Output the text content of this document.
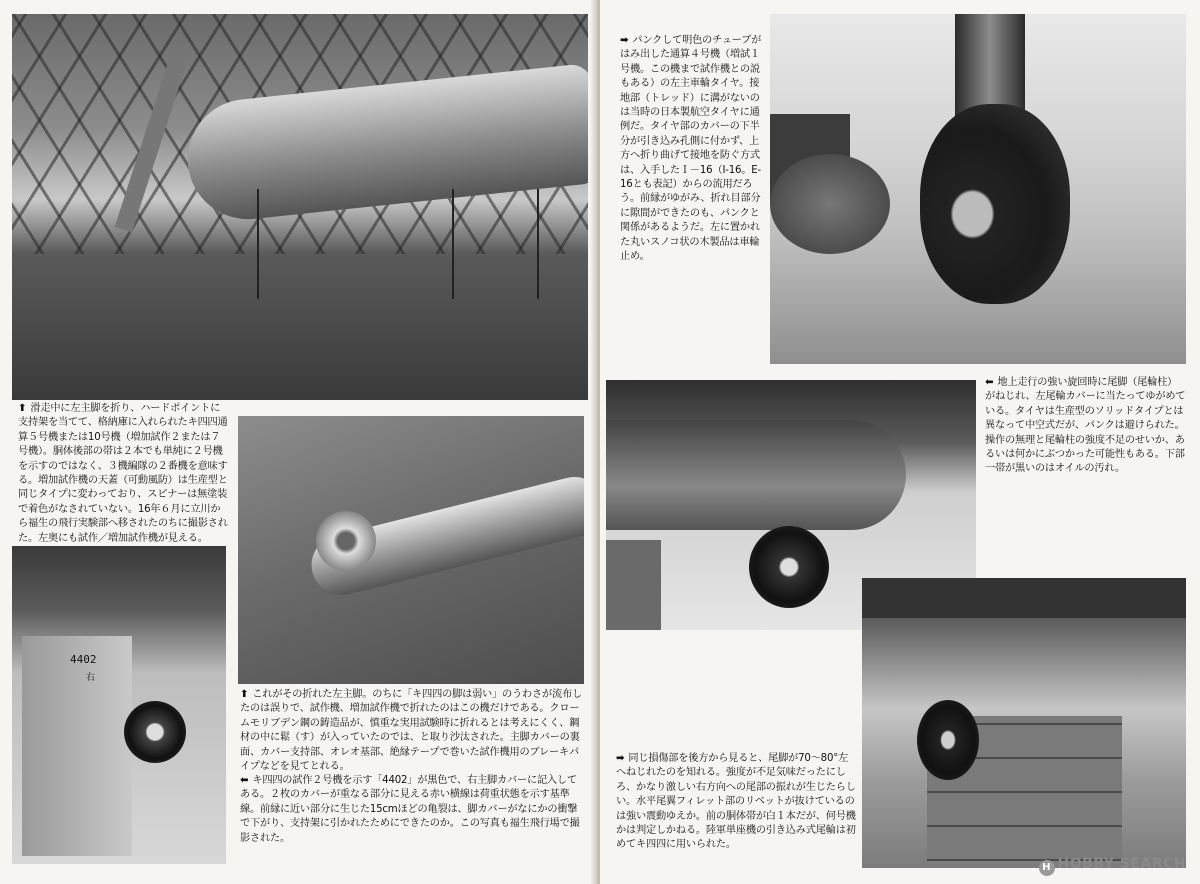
⬆ 滑走中に左主脚を折り、ハードポイントに支持架を当てて、格納庫に入れられたキ四四通算５号機または10号機（増加試作２または７号機）。胴体後部の帯は２本でも単純に２号機を示すのではなく、３機編隊の２番機を意味する。増加試作機の天蓋（可動風防）は生産型と同じタイプに変わっており、スピナーは無塗装で着色がなされていない。16年６月に立川から福生の飛行実験部へ移されたのちに撮影された。左奥にも試作／増加試作機が見える。
4402
右
⬆ これがその折れた左主脚。のちに「キ四四の脚は弱い」のうわさが流布したのは誤りで、試作機、増加試作機で折れたのはこの機だけである。クロームモリブデン鋼の鋳造品が、慎重な実用試験時に折れるとは考えにくく、鋼材の中に鬆（す）が入っていたのでは、と取り沙汰された。主脚カバーの裏面、カバー支持部、オレオ基部、絶縁テープで巻いた試作機用のブレーキパイプなどを見てとれる。
⬅ キ四四の試作２号機を示す「4402」が黒色で、右主脚カバーに記入してある。２枚のカバーが重なる部分に見える赤い横線は荷重状態を示す基準線。前縁に近い部分に生じた15cmほどの亀裂は、脚カバーがなにかの衝撃で下がり、支持架に引かれたためにできたのか。この写真も福生飛行場で撮影された。
➡ パンクして明色のチューブがはみ出した通算４号機（増試１号機。この機まで試作機との説もある）の左主車輪タイヤ。接地部（トレッド）に溝がないのは当時の日本製航空タイヤに通例だ。タイヤ部のカバーの下半分が引き込み孔側に付かず、上方へ折り曲げて接地を防ぐ方式は、入手したＩ－16（I-16。E-16とも表記）からの流用だろう。前縁がゆがみ、折れ目部分に隙間ができたのも、パンクと関係があるようだ。左に置かれた丸いスノコ状の木製品は車輪止め。
⬅ 地上走行の強い旋回時に尾脚（尾輪柱）がねじれ、左尾輪カバーに当たってゆがめている。タイヤは生産型のソリッドタイプとは異なって中空式だが、パンクは避けられた。操作の無理と尾輪柱の強度不足のせいか、あるいは何かにぶつかった可能性もある。下部一帯が黒いのはオイルの汚れ。
➡ 同じ損傷部を後方から見ると、尾脚が70～80°左へねじれたのを知れる。強度が不足気味だったにしろ、かなり激しい右方向への尾部の振れが生じたらしい。水平尾翼フィレット部のリベットが抜けているのは強い震動ゆえか。前の胴体帯が白１本だが、何号機かは判定しかねる。陸軍単座機の引き込み式尾輪は初めてキ四四に用いられた。
H HOBBY SEARCH
